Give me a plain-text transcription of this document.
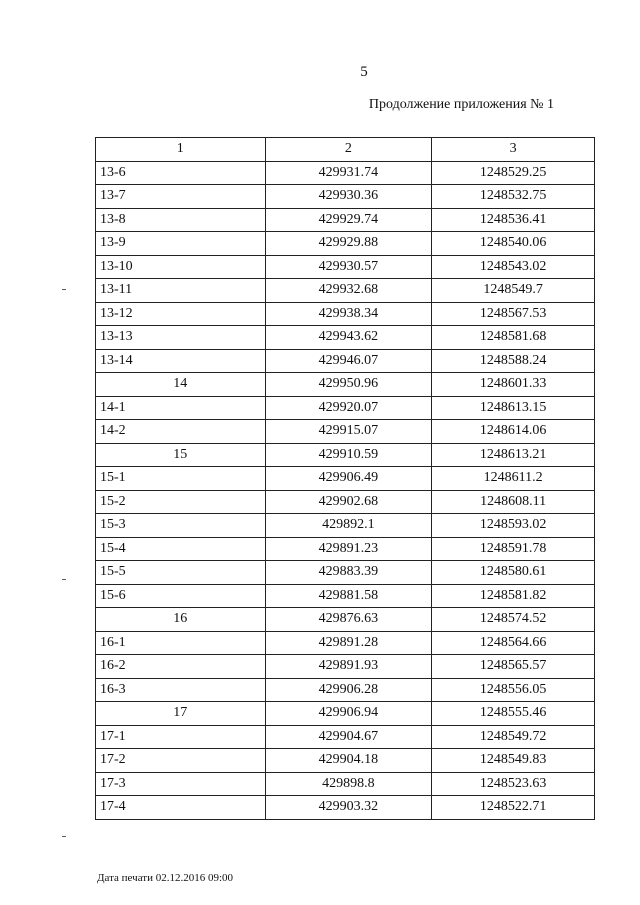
5
Продолжение приложения № 1
1	2	3
13-6	429931.74	1248529.25
13-7	429930.36	1248532.75
13-8	429929.74	1248536.41
13-9	429929.88	1248540.06
13-10	429930.57	1248543.02
13-11	429932.68	1248549.7
13-12	429938.34	1248567.53
13-13	429943.62	1248581.68
13-14	429946.07	1248588.24
14	429950.96	1248601.33
14-1	429920.07	1248613.15
14-2	429915.07	1248614.06
15	429910.59	1248613.21
15-1	429906.49	1248611.2
15-2	429902.68	1248608.11
15-3	429892.1	1248593.02
15-4	429891.23	1248591.78
15-5	429883.39	1248580.61
15-6	429881.58	1248581.82
16	429876.63	1248574.52
16-1	429891.28	1248564.66
16-2	429891.93	1248565.57
16-3	429906.28	1248556.05
17	429906.94	1248555.46
17-1	429904.67	1248549.72
17-2	429904.18	1248549.83
17-3	429898.8	1248523.63
17-4	429903.32	1248522.71
Дата печати 02.12.2016 09:00
